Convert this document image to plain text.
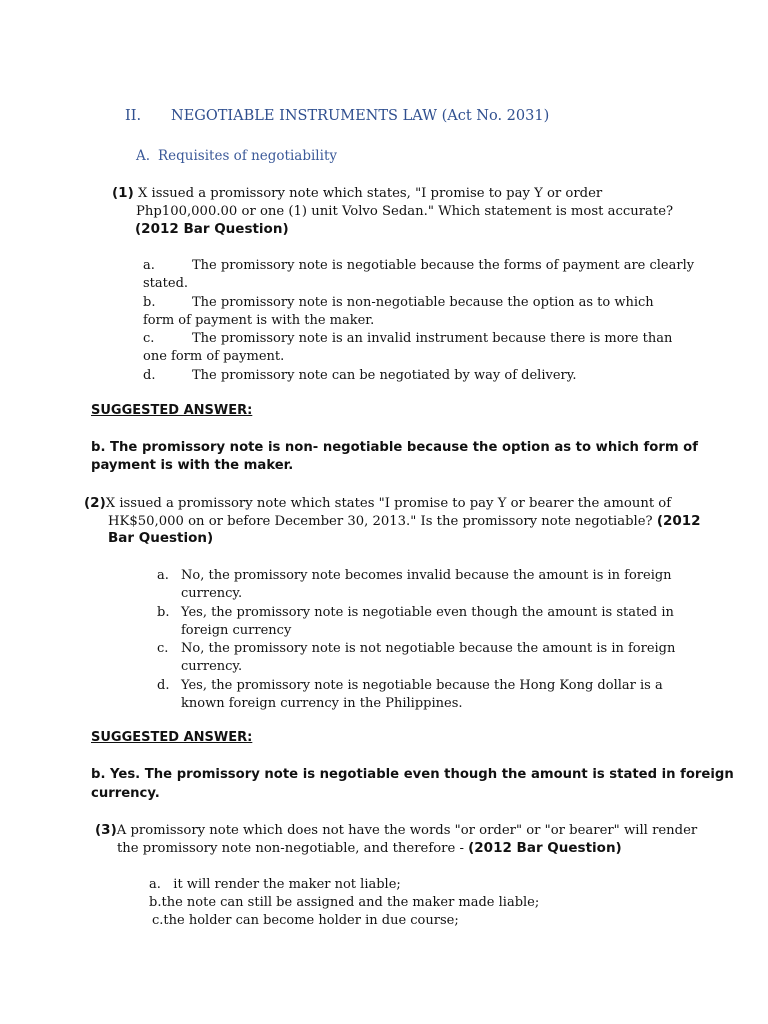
II. NEGOTIABLE INSTRUMENTS LAW (Act No. 2031)
A. Requisites of negotiability
(1) X issued a promissory note which states, "I promise to pay Y or order
Php100,000.00 or one (1) unit Volvo Sedan." Which statement is most accurate?
(2012 Bar Question)
a.	The promissory note is negotiable because the forms of payment are clearly
stated.
b.	The promissory note is non-negotiable because the option as to which
form of payment is with the maker.
c.	The promissory note is an invalid instrument because there is more than
one form of payment.
d.	The promissory note can be negotiated by way of delivery.
SUGGESTED ANSWER:
b. The promissory note is non- negotiable because the option as to which form of
payment is with the maker.
(2)X issued a promissory note which states "I promise to pay Y or bearer the amount of
HK$50,000 on or before December 30, 2013." Is the promissory note negotiable? (2012
Bar Question)
a. No, the promissory note becomes invalid because the amount is in foreign
currency.
b. Yes, the promissory note is negotiable even though the amount is stated in
foreign currency
c. No, the promissory note is not negotiable because the amount is in foreign
currency.
d. Yes, the promissory note is negotiable because the Hong Kong dollar is a
known foreign currency in the Philippines.
SUGGESTED ANSWER:
b. Yes. The promissory note is negotiable even though the amount is stated in foreign
currency.
(3)A promissory note which does not have the words "or order" or "or bearer" will render
the promissory note non-negotiable, and therefore - (2012 Bar Question)
a. it will render the maker not liable;
b.the note can still be assigned and the maker made liable;
c.the holder can become holder in due course;
